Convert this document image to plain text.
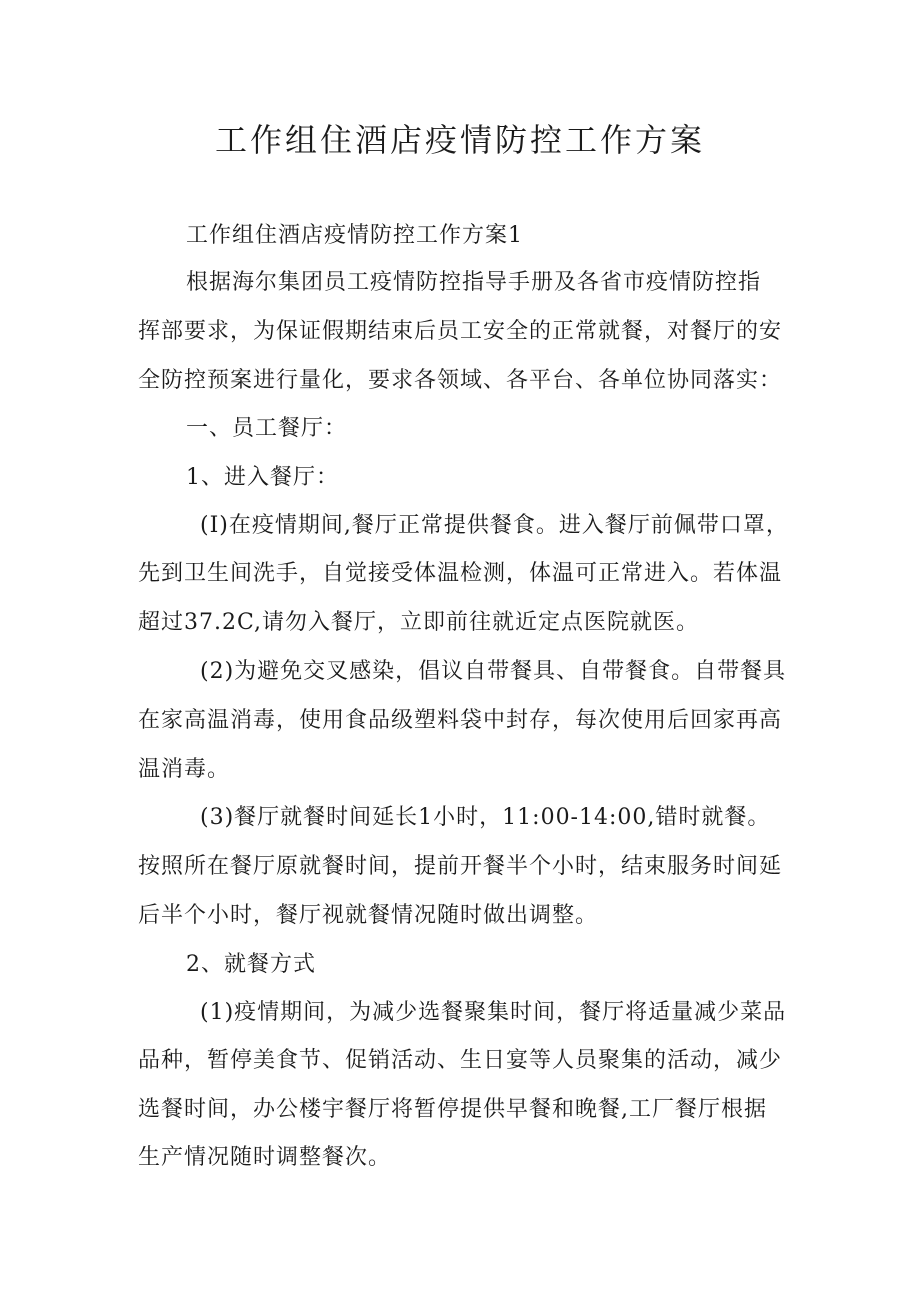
工作组住酒店疫情防控工作方案
工作组住酒店疫情防控工作方案1
根据海尔集团员工疫情防控指导手册及各省市疫情防控指
挥部要求，为保证假期结束后员工安全的正常就餐，对餐厅的安
全防控预案进行量化，要求各领域、各平台、各单位协同落实：
一、员工餐厅：
1、进入餐厅：
(I)在疫情期间,餐厅正常提供餐食。进入餐厅前佩带口罩，
先到卫生间洗手，自觉接受体温检测，体温可正常进入。若体温
超过37.2C,请勿入餐厅，立即前往就近定点医院就医。
(2)为避免交叉感染，倡议自带餐具、自带餐食。自带餐具
在家高温消毒，使用食品级塑料袋中封存，每次使用后回家再高
温消毒。
(3)餐厅就餐时间延长1小时，11:00-14:00,错时就餐。
按照所在餐厅原就餐时间，提前开餐半个小时，结束服务时间延
后半个小时，餐厅视就餐情况随时做出调整。
2、就餐方式
(1)疫情期间，为减少选餐聚集时间，餐厅将适量减少菜品
品种，暂停美食节、促销活动、生日宴等人员聚集的活动，减少
选餐时间，办公楼宇餐厅将暂停提供早餐和晚餐,工厂餐厅根据
生产情况随时调整餐次。
